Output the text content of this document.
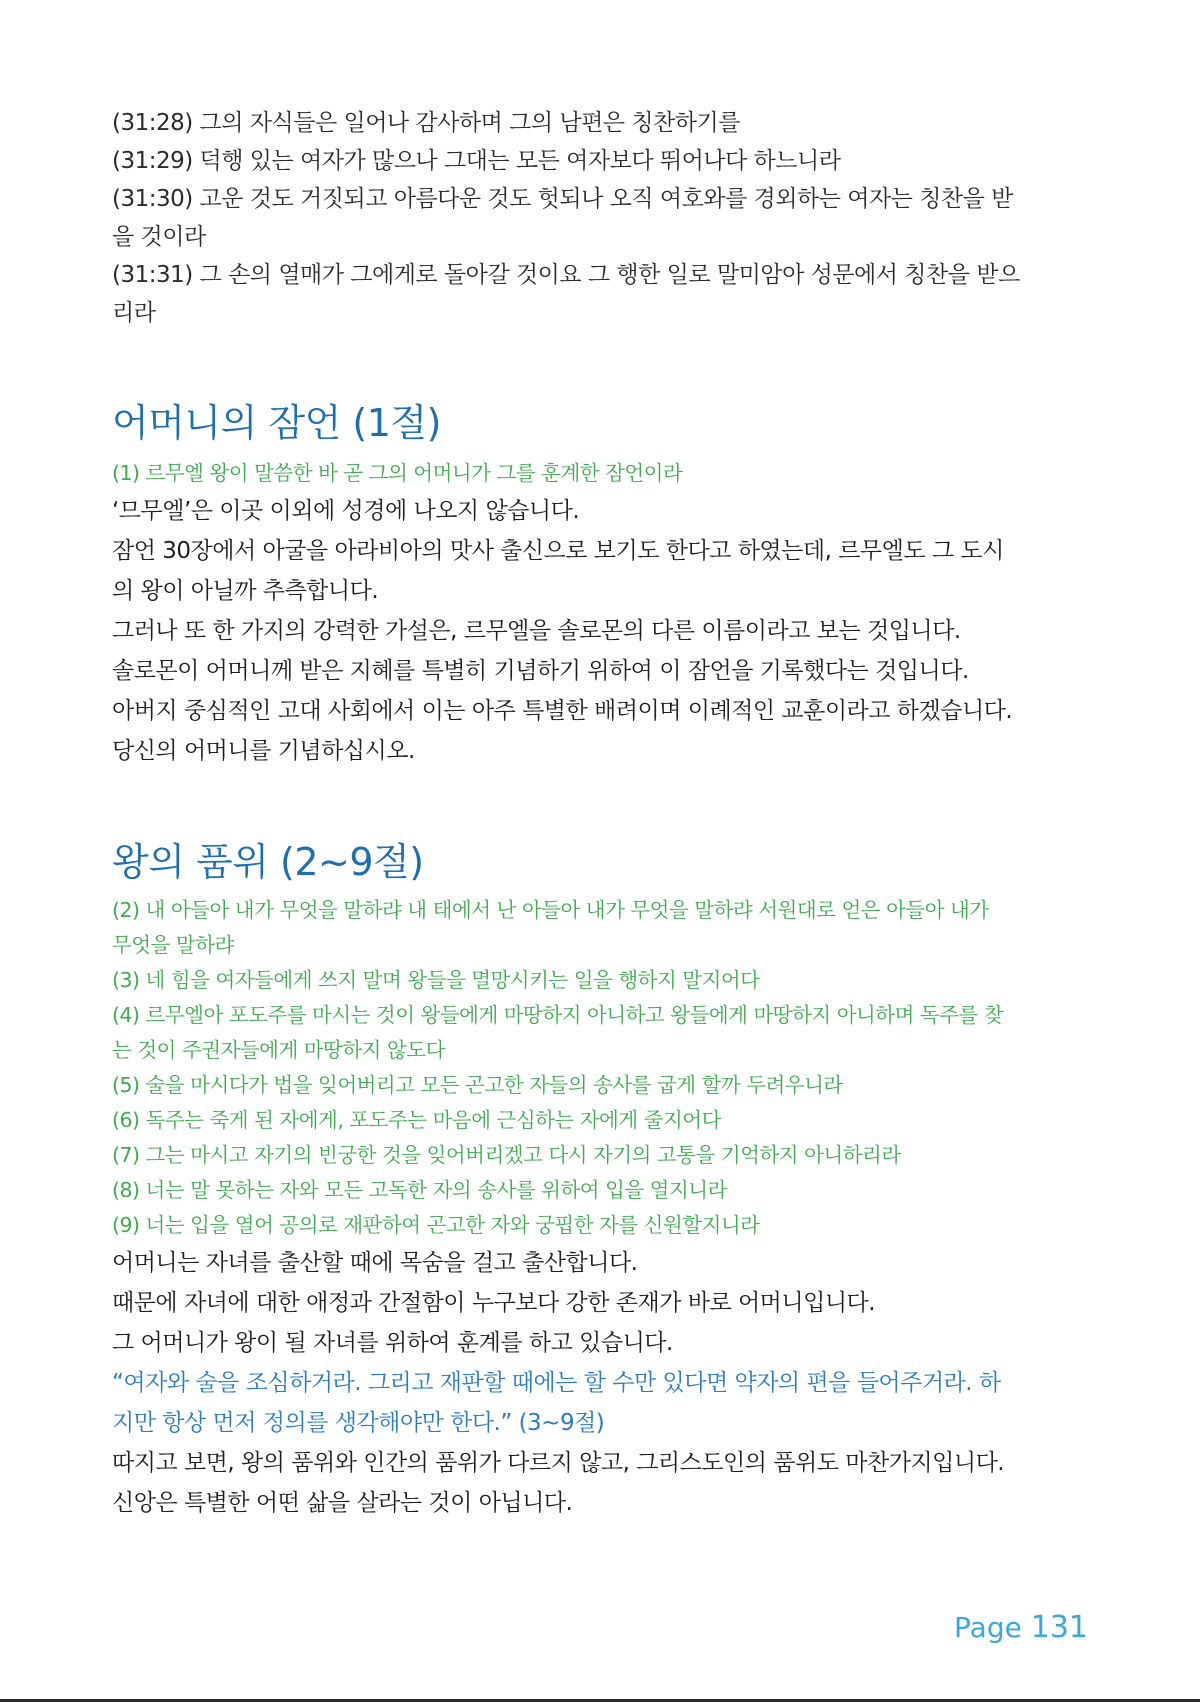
(31:28) 그의 자식들은 일어나 감사하며 그의 남편은 칭찬하기를

(31:29) 덕행 있는 여자가 많으나 그대는 모든 여자보다 뛰어나다 하느니라

(31:30) 고운 것도 거짓되고 아름다운 것도 헛되나 오직 여호와를 경외하는 여자는 칭찬을 받

을 것이라

(31:31) 그 손의 열매가 그에게로 돌아갈 것이요 그 행한 일로 말미암아 성문에서 칭찬을 받으

리라

어머니의 잠언 (1절)

(1) 르무엘 왕이 말씀한 바 곧 그의 어머니가 그를 훈계한 잠언이라

‘므무엘’은 이곳 이외에 성경에 나오지 않습니다.

잠언 30장에서 아굴을 아라비아의 맛사 출신으로 보기도 한다고 하였는데, 르무엘도 그 도시

의 왕이 아닐까 추측합니다.

그러나 또 한 가지의 강력한 가설은, 르무엘을 솔로몬의 다른 이름이라고 보는 것입니다.

솔로몬이 어머니께 받은 지혜를 특별히 기념하기 위하여 이 잠언을 기록했다는 것입니다.

아버지 중심적인 고대 사회에서 이는 아주 특별한 배려이며 이례적인 교훈이라고 하겠습니다.

당신의 어머니를 기념하십시오.

왕의 품위 (2~9절)

(2) 내 아들아 내가 무엇을 말하랴 내 태에서 난 아들아 내가 무엇을 말하랴 서원대로 얻은 아들아 내가

무엇을 말하랴

(3) 네 힘을 여자들에게 쓰지 말며 왕들을 멸망시키는 일을 행하지 말지어다

(4) 르무엘아 포도주를 마시는 것이 왕들에게 마땅하지 아니하고 왕들에게 마땅하지 아니하며 독주를 찾

는 것이 주권자들에게 마땅하지 않도다

(5) 술을 마시다가 법을 잊어버리고 모든 곤고한 자들의 송사를 굽게 할까 두려우니라

(6) 독주는 죽게 된 자에게, 포도주는 마음에 근심하는 자에게 줄지어다

(7) 그는 마시고 자기의 빈궁한 것을 잊어버리겠고 다시 자기의 고통을 기억하지 아니하리라

(8) 너는 말 못하는 자와 모든 고독한 자의 송사를 위하여 입을 열지니라

(9) 너는 입을 열어 공의로 재판하여 곤고한 자와 궁핍한 자를 신원할지니라

어머니는 자녀를 출산할 때에 목숨을 걸고 출산합니다.

때문에 자녀에 대한 애정과 간절함이 누구보다 강한 존재가 바로 어머니입니다.

그 어머니가 왕이 될 자녀를 위하여 훈계를 하고 있습니다.

“여자와 술을 조심하거라. 그리고 재판할 때에는 할 수만 있다면 약자의 편을 들어주거라. 하

지만 항상 먼저 정의를 생각해야만 한다.” (3~9절)

따지고 보면, 왕의 품위와 인간의 품위가 다르지 않고, 그리스도인의 품위도 마찬가지입니다.

신앙은 특별한 어떤 삶을 살라는 것이 아닙니다.

Page 131
